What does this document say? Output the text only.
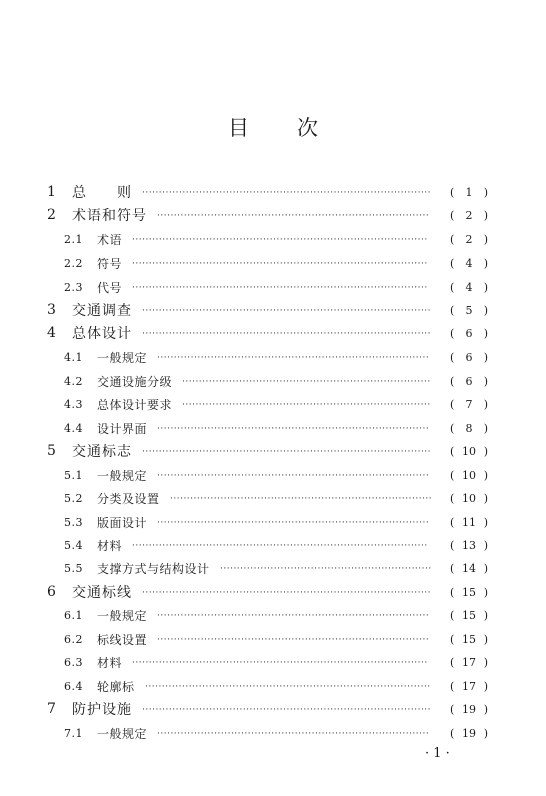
目 次
1 总　　则 ······················································································	(	1	)
2 术语和符号 ·················································································	(	2	)
2.1 术语 ························································································	(	2	)
2.2 符号 ························································································	(	4	)
2.3 代号 ························································································	(	4	)
3 交通调查 ······················································································	(	5	)
4 总体设计 ······················································································	(	6	)
4.1 一般规定 ·················································································	(	6	)
4.2 交通设施分级 ··········································································	(	6	)
4.3 总体设计要求 ··········································································	(	7	)
4.4 设计界面 ·················································································	(	8	)
5 交通标志 ······················································································	( 10 )
5.1 一般规定 ·················································································	( 10 )
5.2 分类及设置 ··············································································	( 10 )
5.3 版面设计 ·················································································	( 11 )
5.4 材料 ························································································	( 13 )
5.5 支撑方式与结构设计 ·······························································	( 14 )
6 交通标线 ······················································································	( 15 )
6.1 一般规定 ·················································································	( 15 )
6.2 标线设置 ·················································································	( 15 )
6.3 材料 ························································································	( 17 )
6.4 轮廓标 ·····················································································	( 17 )
7 防护设施 ······················································································	( 19 )
7.1 一般规定 ·················································································	( 19 )
· 1 ·
